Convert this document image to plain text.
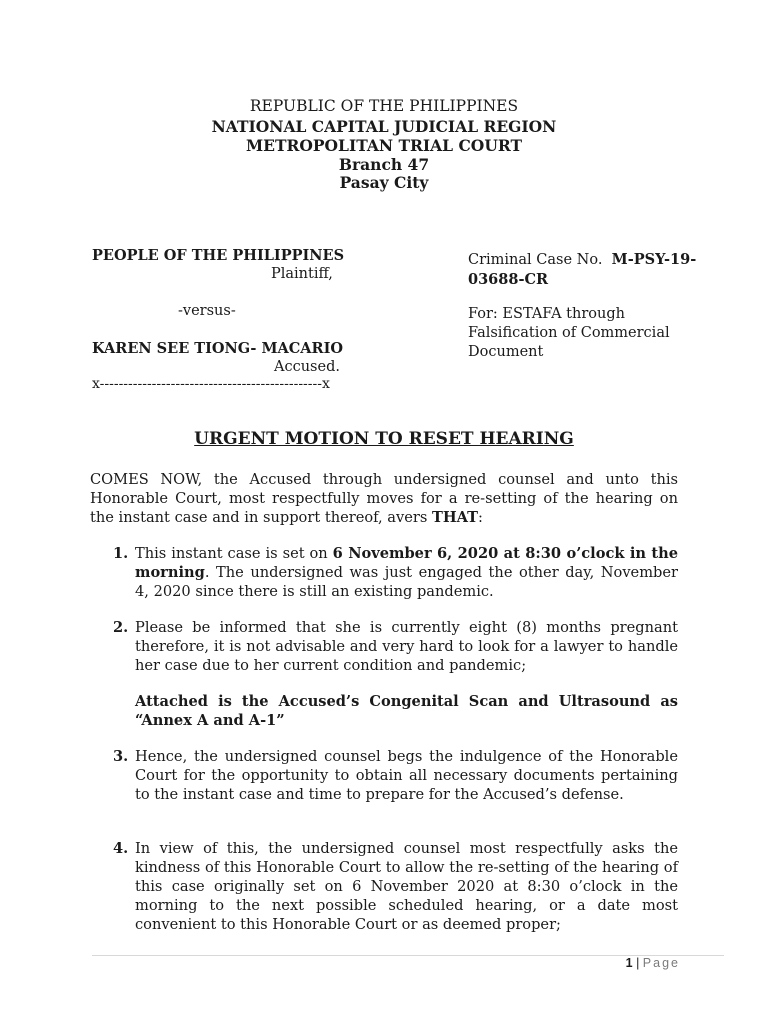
REPUBLIC OF THE PHILIPPINES
NATIONAL CAPITAL JUDICIAL REGION
METROPOLITAN TRIAL COURT
Branch 47
Pasay City
PEOPLE OF THE PHILIPPINES
Plaintiff,
-versus-
KAREN SEE TIONG- MACARIO
Accused.
x-----------------------------------------------x
Criminal Case No. M-PSY-19-
03688-CR
For: ESTAFA through
Falsification of Commercial
Document
URGENT MOTION TO RESET HEARING
COMES NOW, the Accused through undersigned counsel and unto this Honorable Court, most respectfully moves for a re-setting of the hearing on the instant case and in support thereof, avers THAT:
1. This instant case is set on 6 November 6, 2020 at 8:30 o’clock in the morning. The undersigned was just engaged the other day, November 4, 2020 since there is still an existing pandemic.
2. Please be informed that she is currently eight (8) months pregnant therefore, it is not advisable and very hard to look for a lawyer to handle her case due to her current condition and pandemic;
Attached is the Accused’s Congenital Scan and Ultrasound as “Annex A and A-1”
3. Hence, the undersigned counsel begs the indulgence of the Honorable Court for the opportunity to obtain all necessary documents pertaining to the instant case and time to prepare for the Accused’s defense.
4. In view of this, the undersigned counsel most respectfully asks the kindness of this Honorable Court to allow the re-setting of the hearing of this case originally set on 6 November 2020 at 8:30 o’clock in the morning to the next possible scheduled hearing, or a date most convenient to this Honorable Court or as deemed proper;
1 | Page
